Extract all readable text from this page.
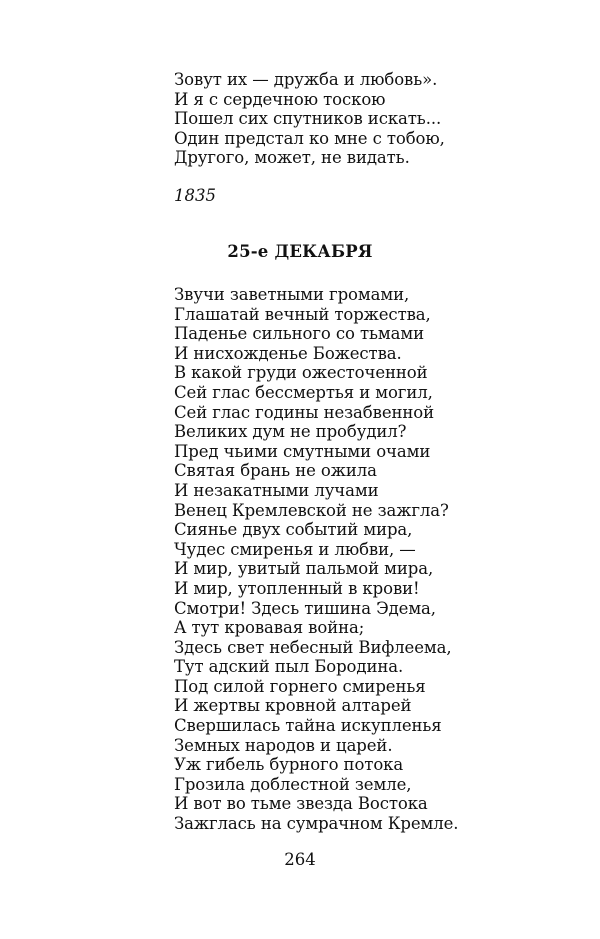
Зовут их — дружба и любовь».
И я с сердечною тоскою
Пошел сих спутников искать...
Один предстал ко мне с тобою,
Другого, может, не видать.
1835
25-е ДЕКАБРЯ
Звучи заветными громами,
Глашатай вечный торжества,
Паденье сильного со тьмами
И нисхожденье Божества.
В какой груди ожесточенной
Сей глас бессмертья и могил,
Сей глас годины незабвенной
Великих дум не пробудил?
Пред чьими смутными очами
Святая брань не ожила
И незакатными лучами
Венец Кремлевской не зажгла?
Сиянье двух событий мира,
Чудес смиренья и любви, —
И мир, увитый пальмой мира,
И мир, утопленный в крови!
Смотри! Здесь тишина Эдема,
А тут кровавая война;
Здесь свет небесный Вифлеема,
Тут адский пыл Бородина.
Под силой горнего смиренья
И жертвы кровной алтарей
Свершилась тайна искупленья
Земных народов и царей.
Уж гибель бурного потока
Грозила доблестной земле,
И вот во тьме звезда Востока
Зажглась на сумрачном Кремле.
264
